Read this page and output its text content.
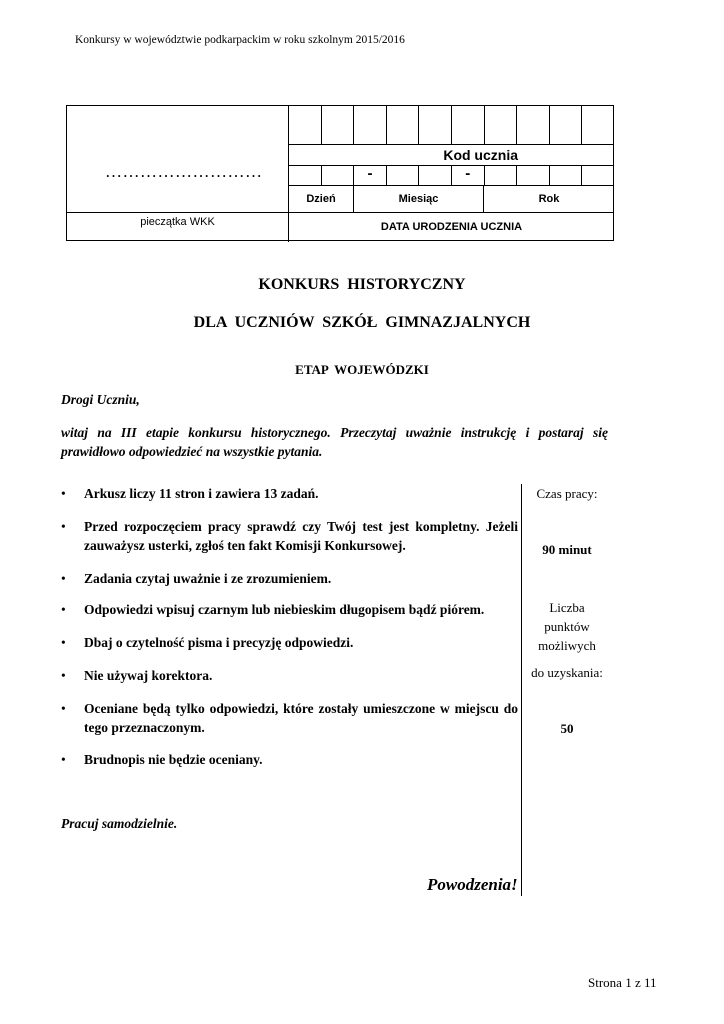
Konkursy w województwie podkarpackim w roku szkolnym 2015/2016
………………………
pieczątka WKK
Kod ucznia
-	-
Dzień	Miesiąc	Rok
DATA URODZENIA UCZNIA
KONKURS HISTORYCZNY
DLA UCZNIÓW SZKÓŁ GIMNAZJALNYCH
ETAP WOJEWÓDZKI
Drogi Uczniu,
witaj na III etapie konkursu historycznego. Przeczytaj uważnie instrukcję i postaraj się prawidłowo odpowiedzieć na wszystkie pytania.
•	Arkusz liczy 11 stron i zawiera 13 zadań.
•	Przed rozpoczęciem pracy sprawdź czy Twój test jest kompletny. Jeżeli zauważysz usterki, zgłoś ten fakt Komisji Konkursowej.
•	Zadania czytaj uważnie i ze zrozumieniem.
•	Odpowiedzi wpisuj czarnym lub niebieskim długopisem bądź piórem.
•	Dbaj o czytelność pisma i precyzję odpowiedzi.
•	Nie używaj korektora.
•	Oceniane będą tylko odpowiedzi, które zostały umieszczone w miejscu do tego przeznaczonym.
•	Brudnopis nie będzie oceniany.
Czas pracy:
90 minut
Liczba punktów możliwych
do uzyskania:
50
Pracuj samodzielnie.
Powodzenia!
Strona 1 z 11
